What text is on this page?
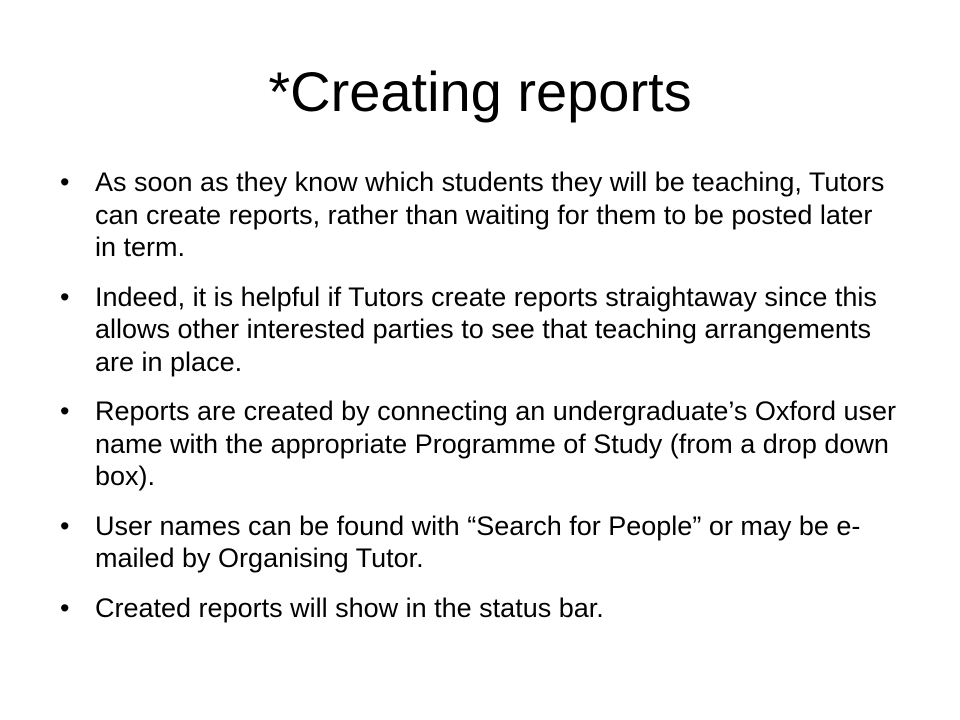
*Creating reports
• As soon as they know which students they will be teaching, Tutors can create reports, rather than waiting for them to be posted later in term.
• Indeed, it is helpful if Tutors create reports straightaway since this allows other interested parties to see that teaching arrangements are in place.
• Reports are created by connecting an undergraduate’s Oxford user name with the appropriate Programme of Study (from a drop down box).
• User names can be found with “Search for People” or may be e-mailed by Organising Tutor.
• Created reports will show in the status bar.
